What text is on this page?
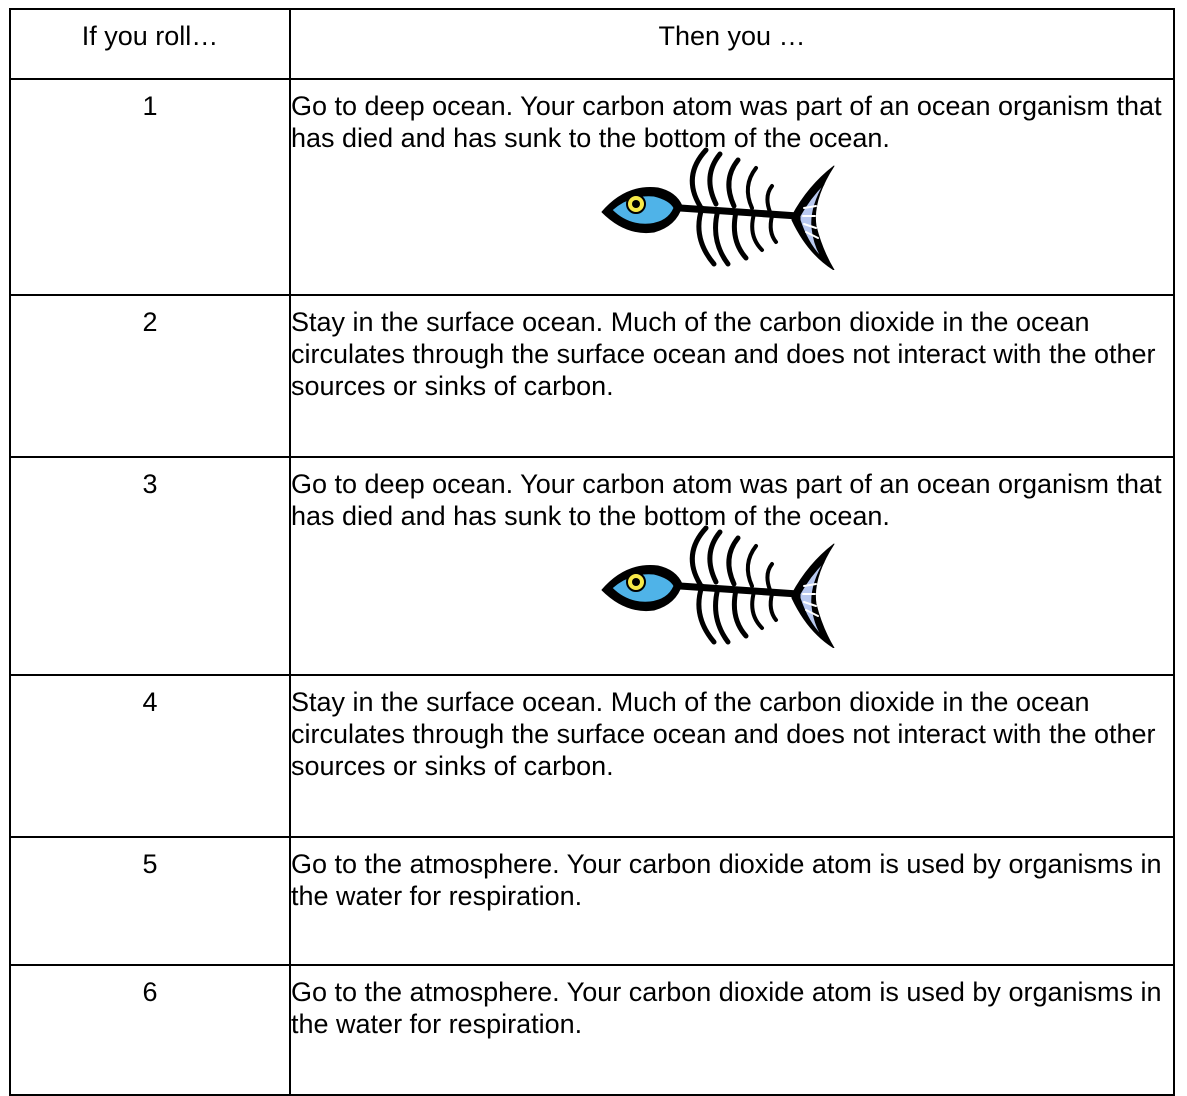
If you roll…	Then you …

1	Go to deep ocean. Your carbon atom was part of an ocean organism that has died and has sunk to the bottom of the ocean.

2	Stay in the surface ocean. Much of the carbon dioxide in the ocean circulates through the surface ocean and does not interact with the other sources or sinks of carbon.

3	Go to deep ocean. Your carbon atom was part of an ocean organism that has died and has sunk to the bottom of the ocean.

4	Stay in the surface ocean. Much of the carbon dioxide in the ocean circulates through the surface ocean and does not interact with the other sources or sinks of carbon.

5	Go to the atmosphere. Your carbon dioxide atom is used by organisms in the water for respiration.

6	Go to the atmosphere. Your carbon dioxide atom is used by organisms in the water for respiration.
